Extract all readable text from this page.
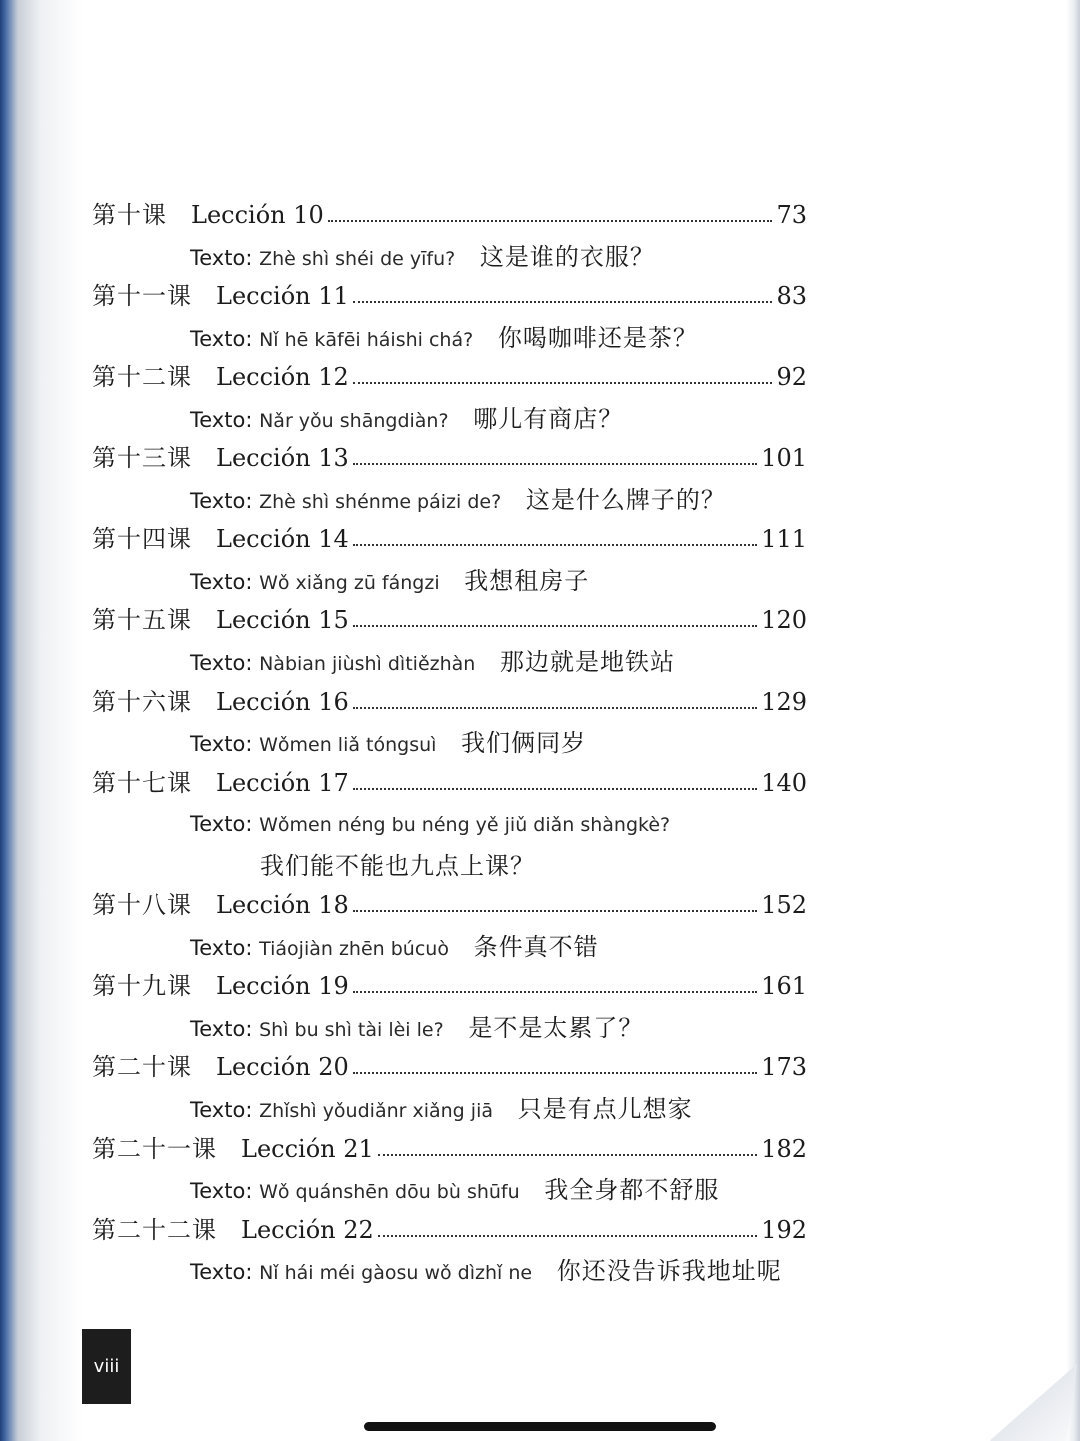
第十课 Lección 10	73
Texto: Zhè shì shéi de yīfu? 这是谁的衣服？
第十一课 Lección 11	83
Texto: Nǐ hē kāfēi háishi chá? 你喝咖啡还是茶？
第十二课 Lección 12	92
Texto: Nǎr yǒu shāngdiàn? 哪儿有商店？
第十三课 Lección 13	101
Texto: Zhè shì shénme páizi de? 这是什么牌子的？
第十四课 Lección 14	111
Texto: Wǒ xiǎng zū fángzi 我想租房子
第十五课 Lección 15	120
Texto: Nàbian jiùshì dìtiězhàn 那边就是地铁站
第十六课 Lección 16	129
Texto: Wǒmen liǎ tóngsuì 我们俩同岁
第十七课 Lección 17	140
Texto: Wǒmen néng bu néng yě jiǔ diǎn shàngkè?
我们能不能也九点上课？
第十八课 Lección 18	152
Texto: Tiáojiàn zhēn búcuò 条件真不错
第十九课 Lección 19	161
Texto: Shì bu shì tài lèi le? 是不是太累了？
第二十课 Lección 20	173
Texto: Zhǐshì yǒudiǎnr xiǎng jiā 只是有点儿想家
第二十一课 Lección 21	182
Texto: Wǒ quánshēn dōu bù shūfu 我全身都不舒服
第二十二课 Lección 22	192
Texto: Nǐ hái méi gàosu wǒ dìzhǐ ne 你还没告诉我地址呢
viii
